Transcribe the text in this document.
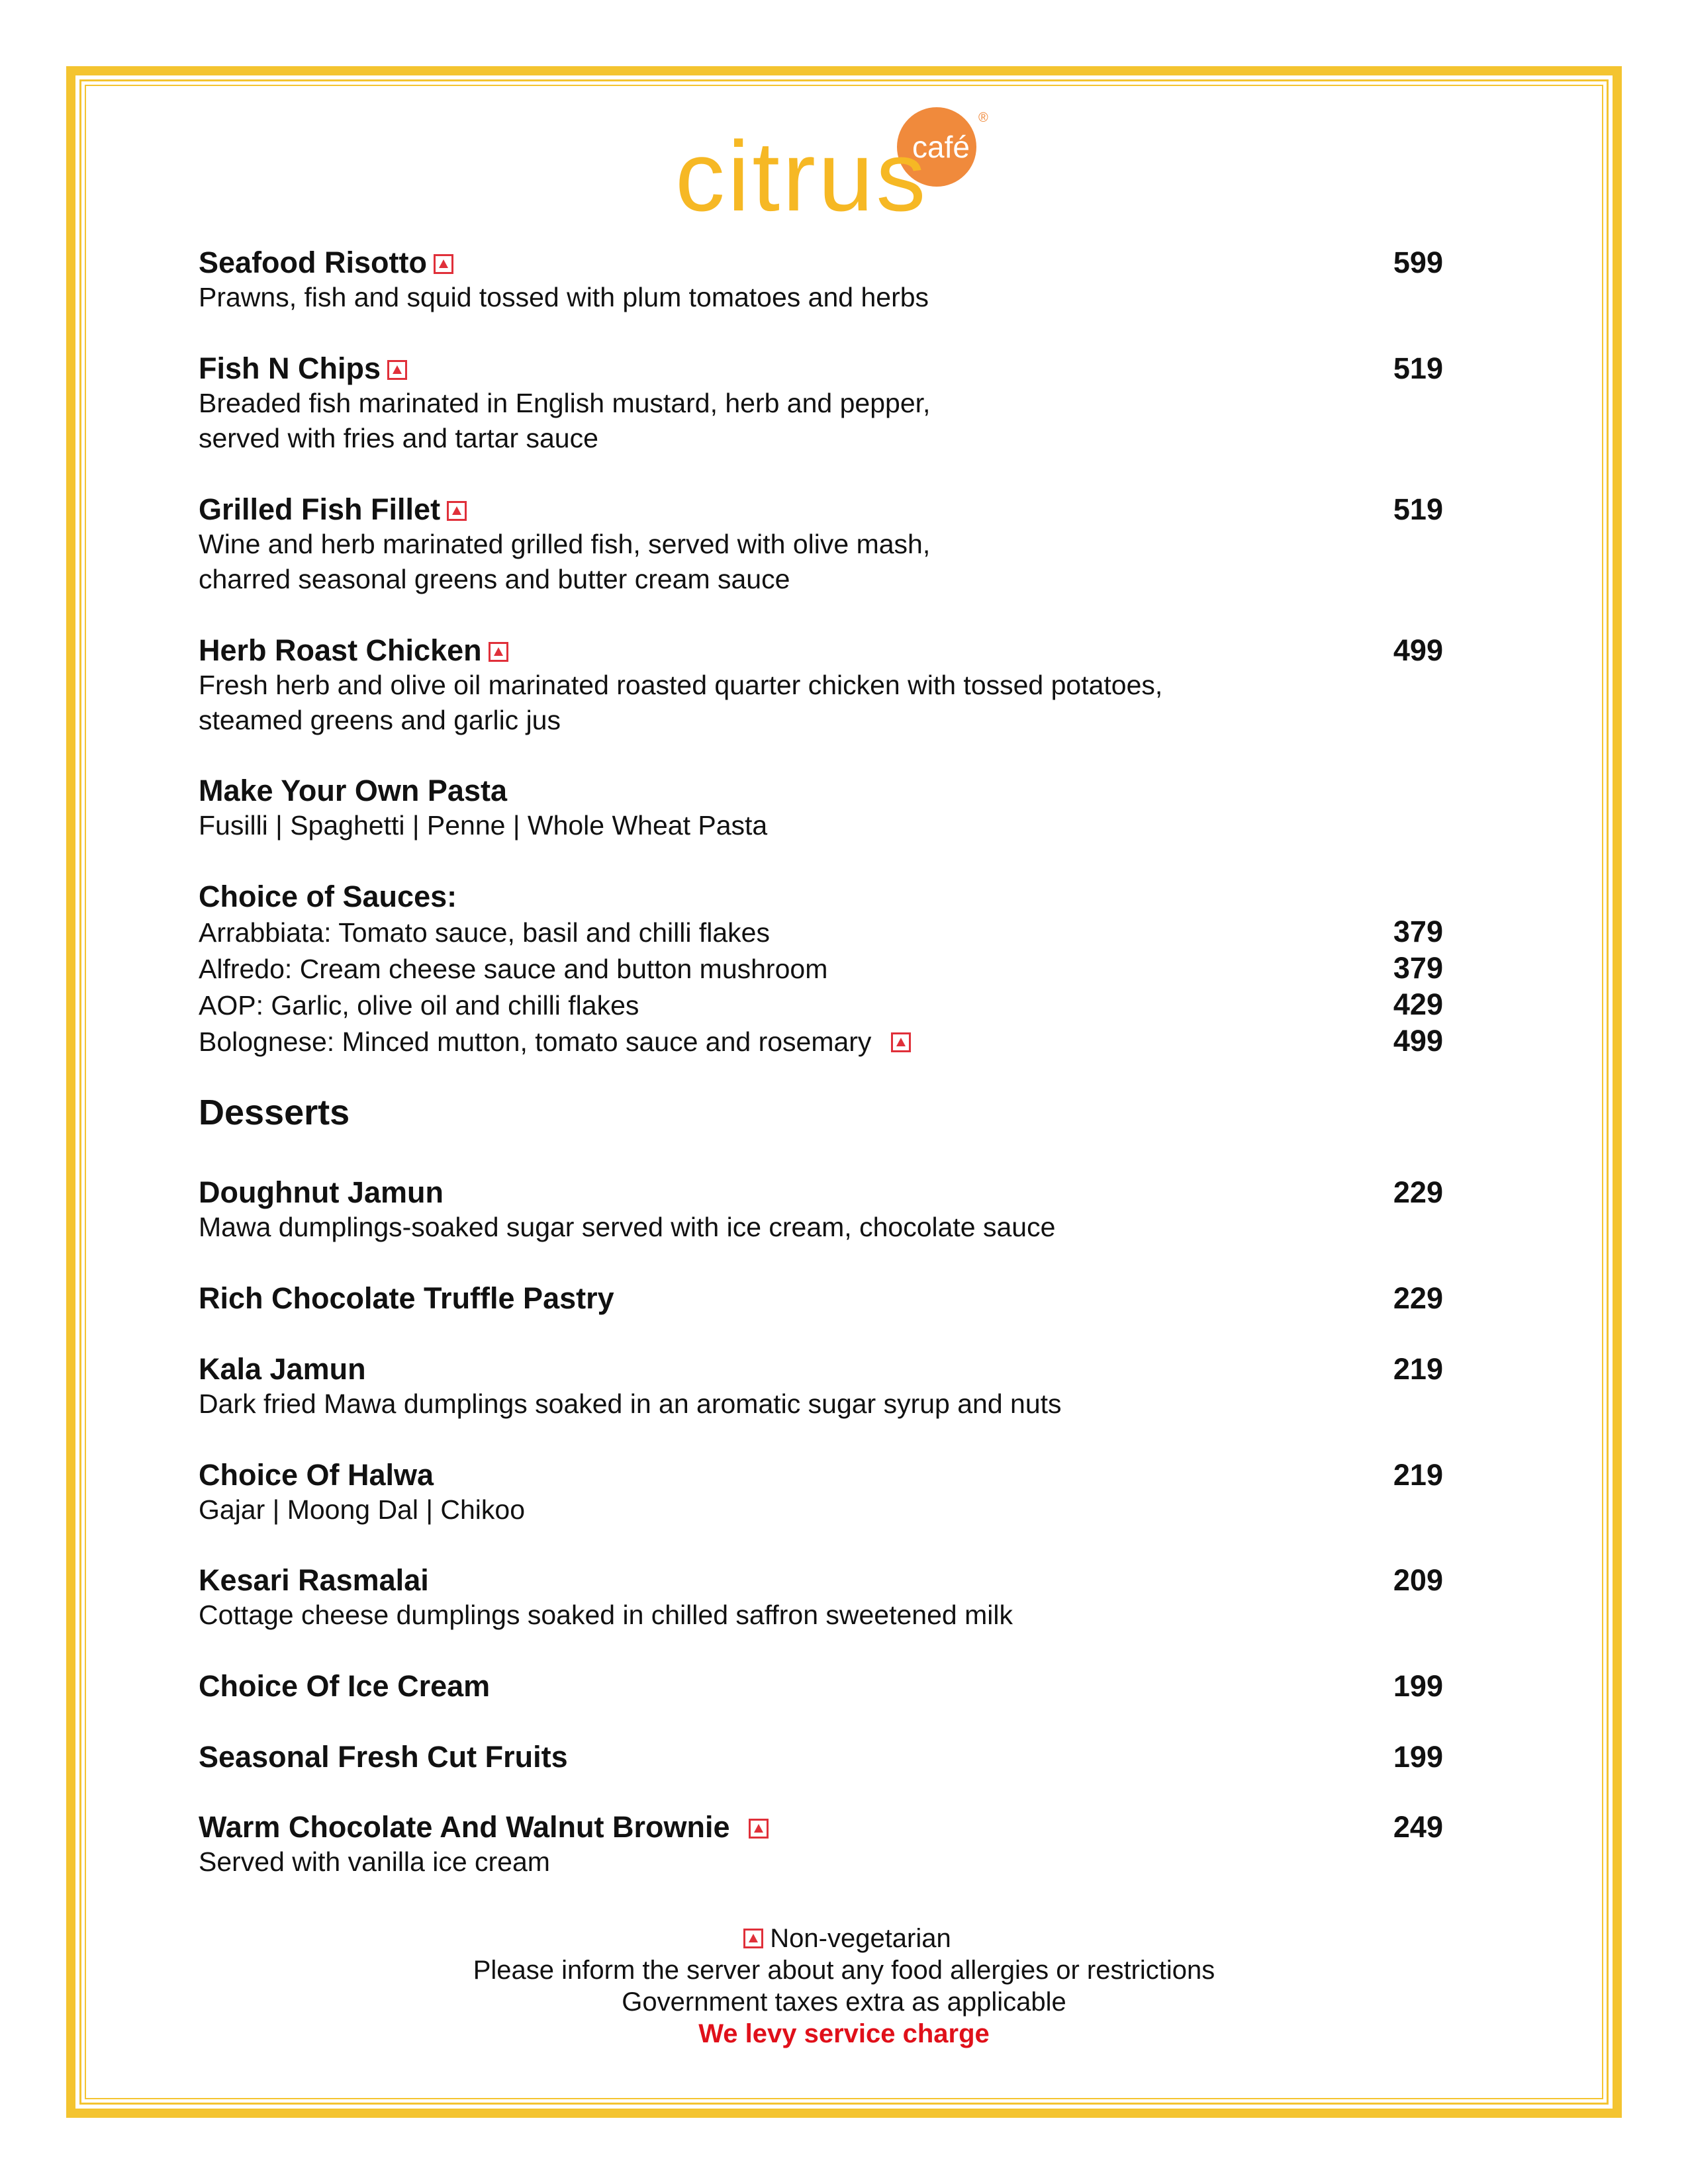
café
citrus
®
Seafood Risotto	599
Prawns, fish and squid tossed with plum tomatoes and herbs
Fish N Chips	519
Breaded fish marinated in English mustard, herb and pepper,
served with fries and tartar sauce
Grilled Fish Fillet	519
Wine and herb marinated grilled fish, served with olive mash,
charred seasonal greens and butter cream sauce
Herb Roast Chicken	499
Fresh herb and olive oil marinated roasted quarter chicken with tossed potatoes,
steamed greens and garlic jus
Make Your Own Pasta
Fusilli | Spaghetti | Penne | Whole Wheat Pasta
Choice of Sauces:
Arrabbiata: Tomato sauce, basil and chilli flakes	379
Alfredo: Cream cheese sauce and button mushroom	379
AOP: Garlic, olive oil and chilli flakes	429
Bolognese: Minced mutton, tomato sauce and rosemary	499
Desserts
Doughnut Jamun	229
Mawa dumplings-soaked sugar served with ice cream, chocolate sauce
Rich Chocolate Truffle Pastry	229
Kala Jamun	219
Dark fried Mawa dumplings soaked in an aromatic sugar syrup and nuts
Choice Of Halwa	219
Gajar | Moong Dal | Chikoo
Kesari Rasmalai	209
Cottage cheese dumplings soaked in chilled saffron sweetened milk
Choice Of Ice Cream	199
Seasonal Fresh Cut Fruits	199
Warm Chocolate And Walnut Brownie	249
Served with vanilla ice cream
Non-vegetarian
Please inform the server about any food allergies or restrictions
Government taxes extra as applicable
We levy service charge
